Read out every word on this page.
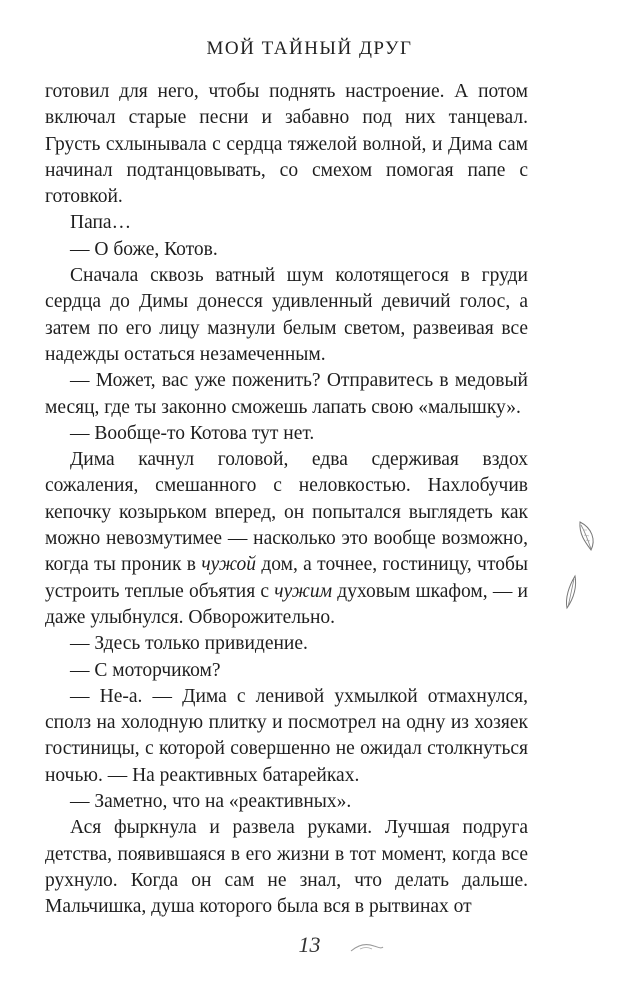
МОЙ ТАЙНЫЙ ДРУГ

готовил для него, чтобы поднять настроение. А потом включал старые песни и забавно под них танцевал. Грусть схлынывала с сердца тяжелой волной, и Дима сам начинал подтанцовывать, со смехом помогая папе с готовкой.

Папа…

— О боже, Котов.

Сначала сквозь ватный шум колотящегося в груди сердца до Димы донесся удивленный девичий голос, а затем по его лицу мазнули белым светом, развеивая все надежды остаться незамеченным.

— Может, вас уже поженить? Отправитесь в медовый месяц, где ты законно сможешь лапать свою «малышку».

— Вообще-то Котова тут нет.

Дима качнул головой, едва сдерживая вздох сожаления, смешанного с неловкостью. Нахлобучив кепочку козырьком вперед, он попытался выглядеть как можно невозмутимее — насколько это вообще возможно, когда ты проник в чужой дом, а точнее, гостиницу, чтобы устроить теплые объятия с чужим духовым шкафом, — и даже улыбнулся. Обворожительно.

— Здесь только привидение.

— С моторчиком?

— Не-а. — Дима с ленивой ухмылкой отмахнулся, сполз на холодную плитку и посмотрел на одну из хозяек гостиницы, с которой совершенно не ожидал столкнуться ночью. — На реактивных батарейках.

— Заметно, что на «реактивных».

Ася фыркнула и развела руками. Лучшая подруга детства, появившаяся в его жизни в тот момент, когда все рухнуло. Когда он сам не знал, что делать дальше. Мальчишка, душа которого была вся в рытвинах от

13
